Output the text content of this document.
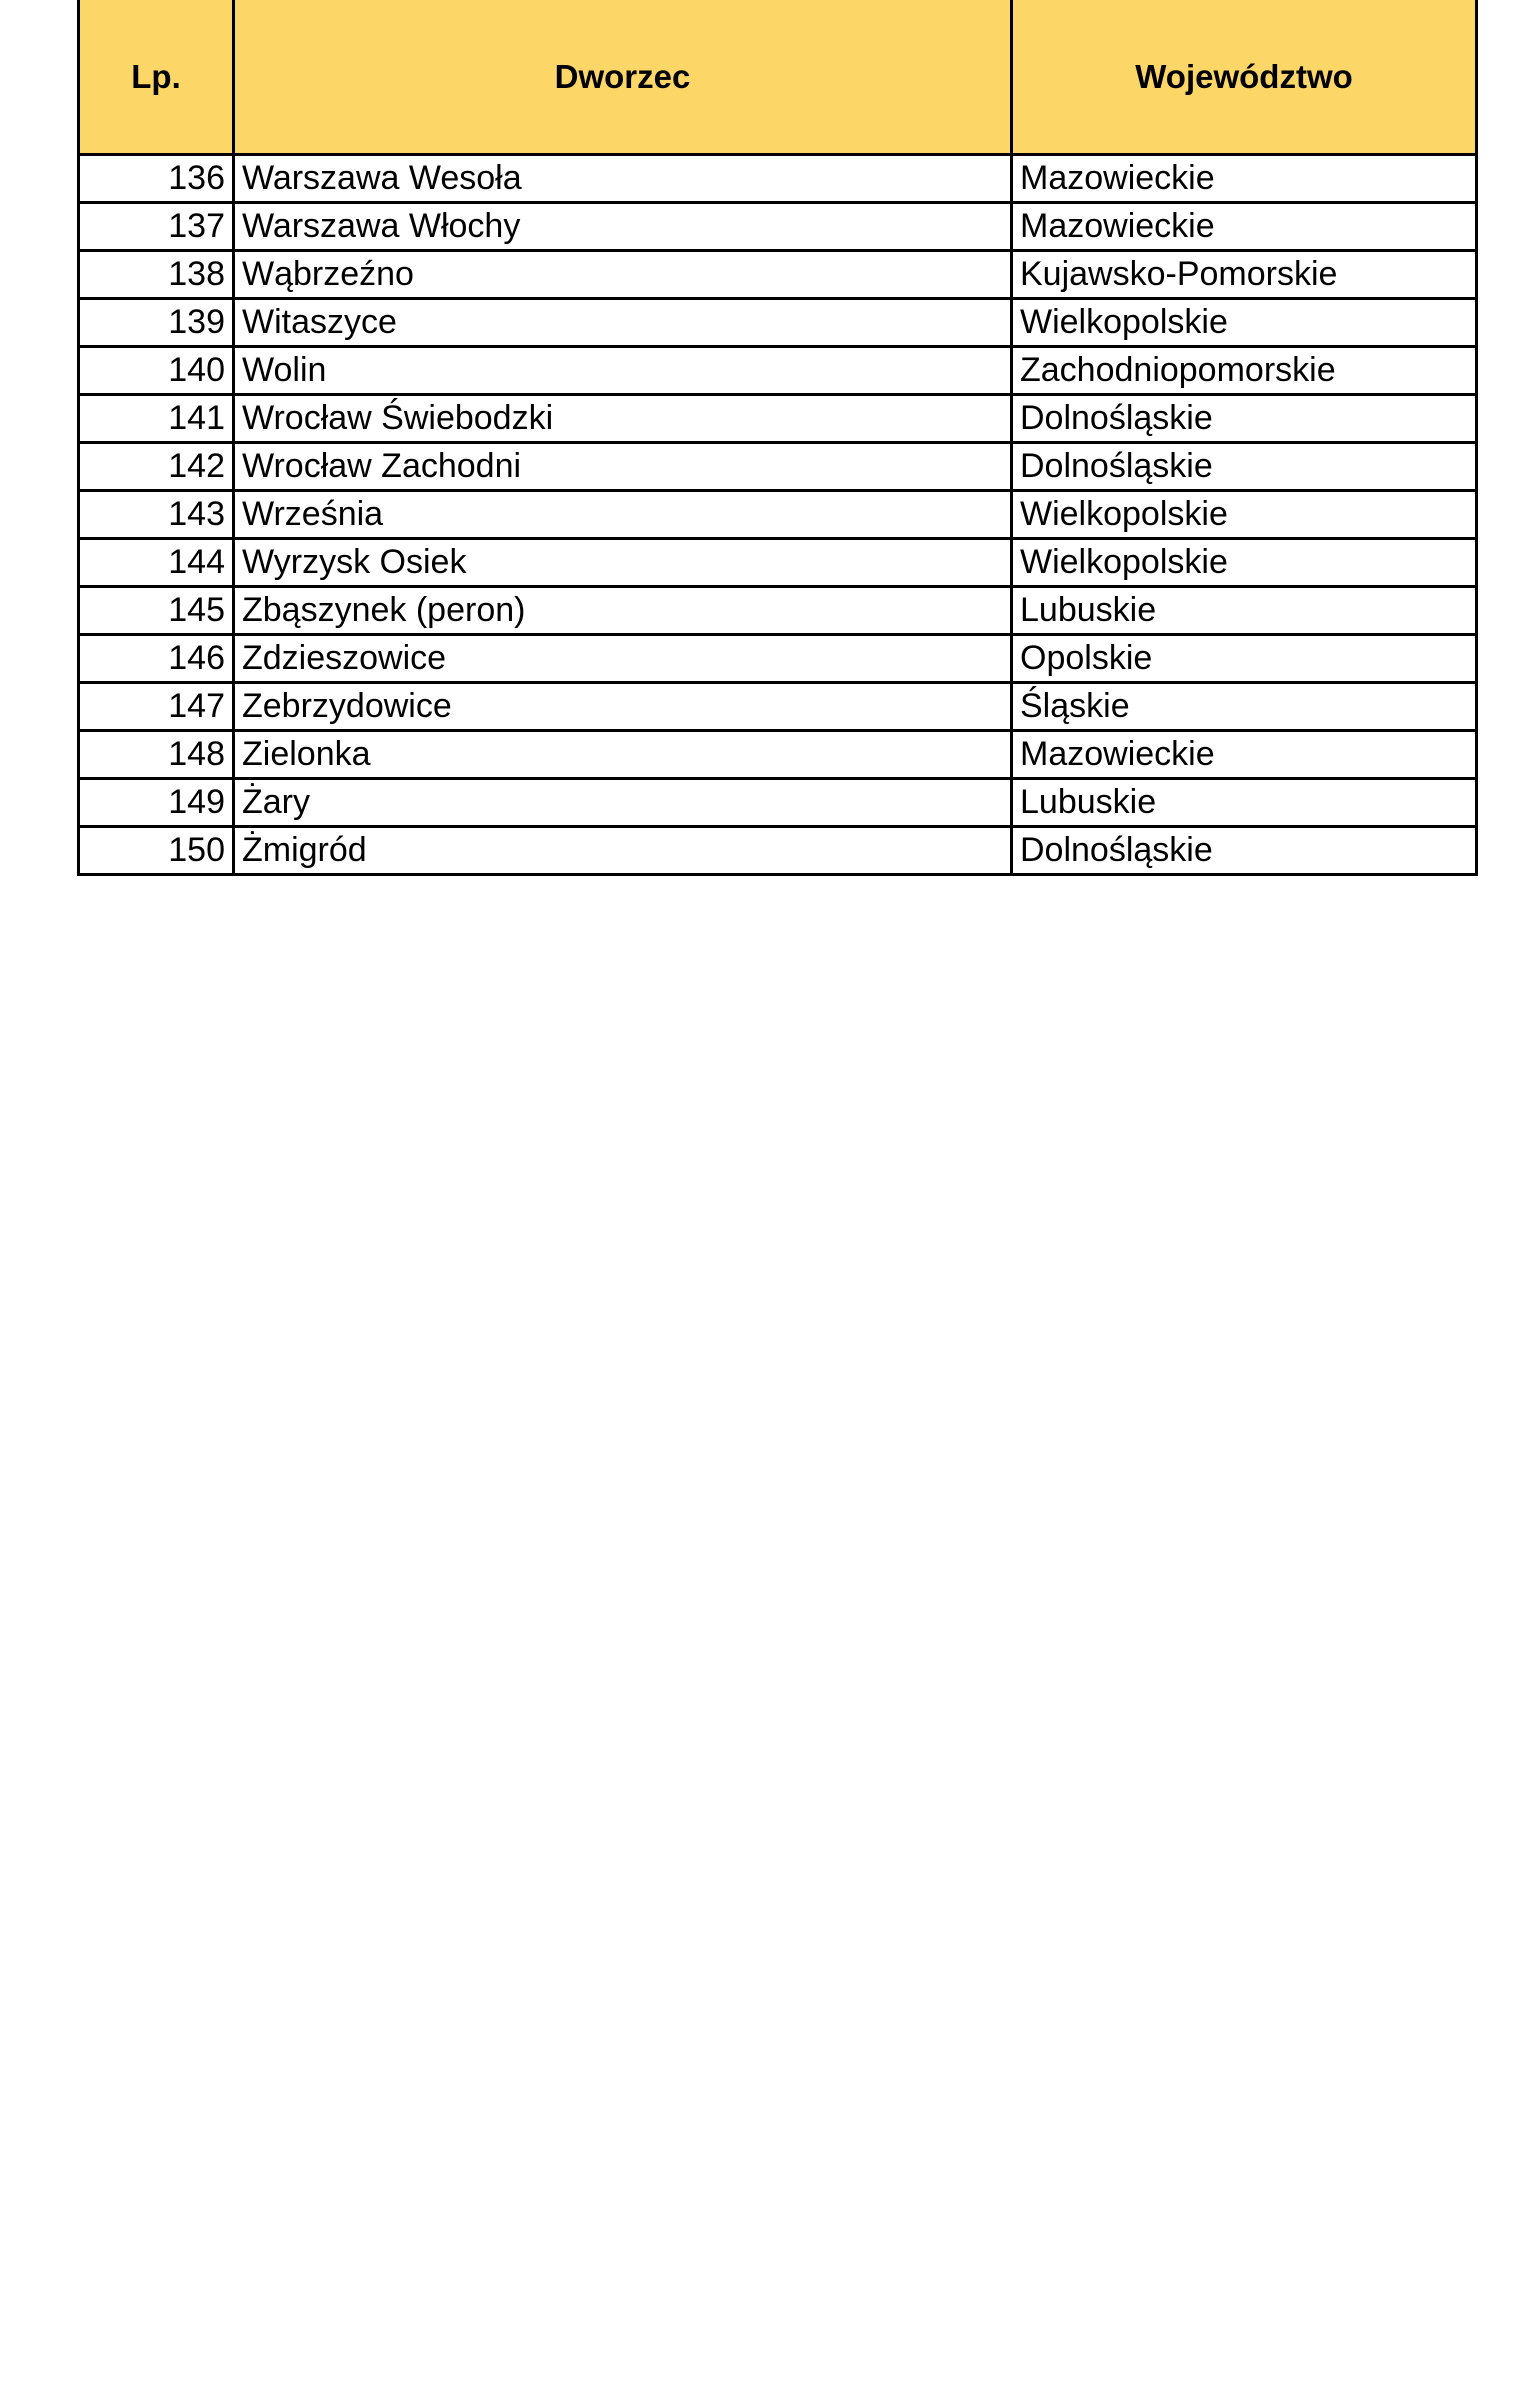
Lp.	Dworzec	Województwo
136	Warszawa Wesoła	Mazowieckie
137	Warszawa Włochy	Mazowieckie
138	Wąbrzeźno	Kujawsko-Pomorskie
139	Witaszyce	Wielkopolskie
140	Wolin	Zachodniopomorskie
141	Wrocław Świebodzki	Dolnośląskie
142	Wrocław Zachodni	Dolnośląskie
143	Września	Wielkopolskie
144	Wyrzysk Osiek	Wielkopolskie
145	Zbąszynek (peron)	Lubuskie
146	Zdzieszowice	Opolskie
147	Zebrzydowice	Śląskie
148	Zielonka	Mazowieckie
149	Żary	Lubuskie
150	Żmigród	Dolnośląskie
